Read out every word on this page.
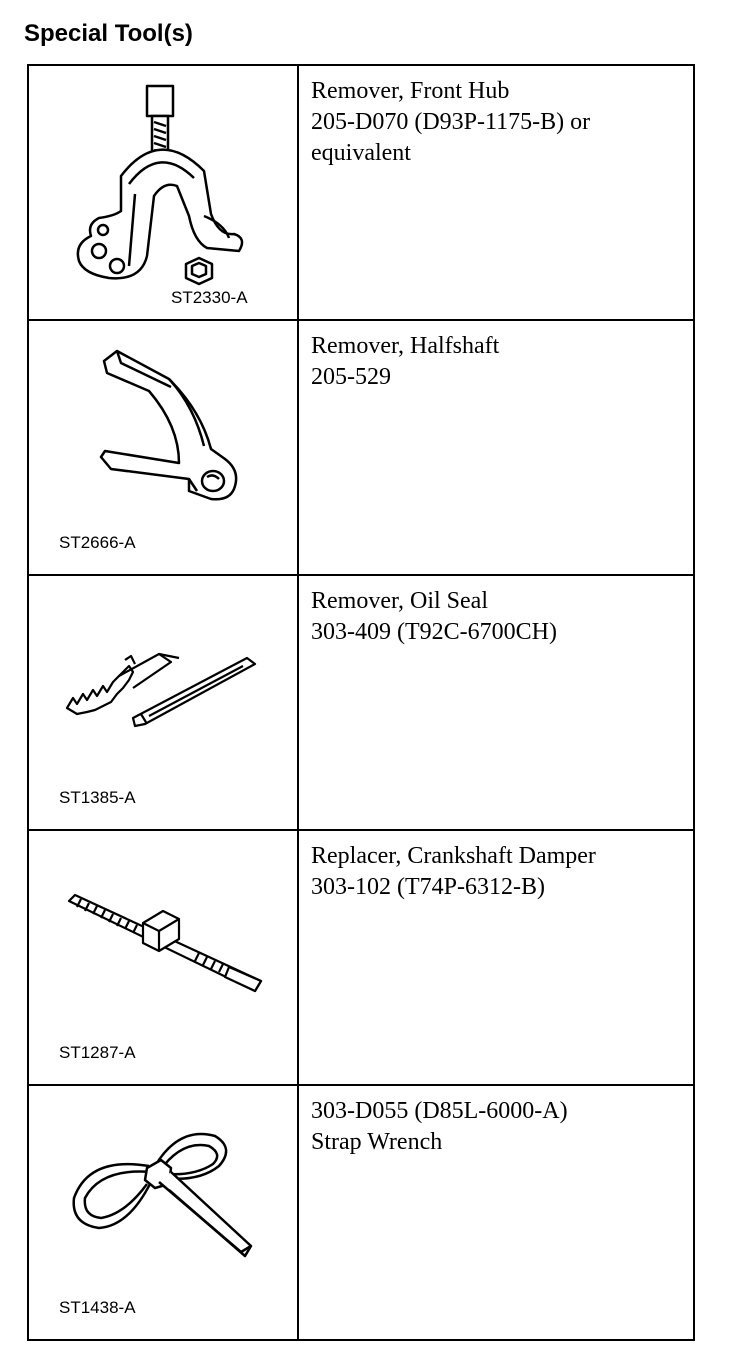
Special Tool(s)
ST2330-A	Remover, Front Hub
205-D070 (D93P-1175-B) or
equivalent

ST2666-A	Remover, Halfshaft
205-529

ST1385-A	Remover, Oil Seal
303-409 (T92C-6700CH)

ST1287-A	Replacer, Crankshaft Damper
303-102 (T74P-6312-B)

ST1438-A	303-D055 (D85L-6000-A)
Strap Wrench
